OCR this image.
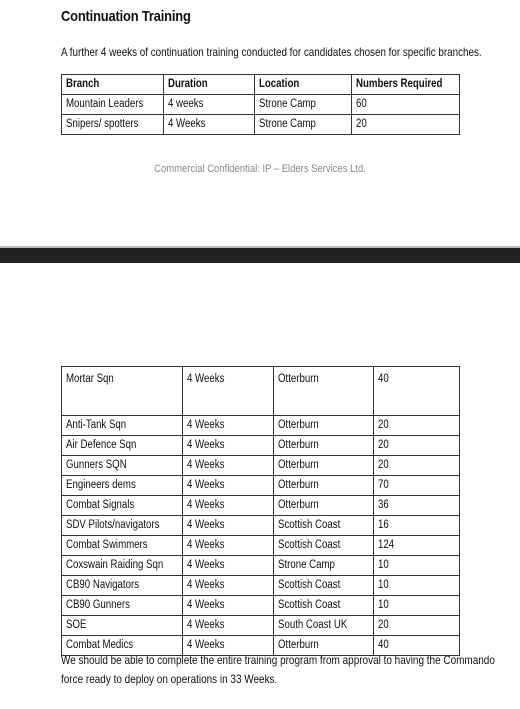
Continuation Training
A further 4 weeks of continuation training conducted for candidates chosen for specific branches.
Branch	Duration	Location	Numbers Required
Mountain Leaders	4 weeks	Strone Camp	60
Snipers/ spotters	4 Weeks	Strone Camp	20
Commercial Confidential: IP – Elders Services Ltd.
Mortar Sqn	4 Weeks	Otterburn	40
Anti-Tank Sqn	4 Weeks	Otterburn	20
Air Defence Sqn	4 Weeks	Otterburn	20
Gunners SQN	4 Weeks	Otterburn	20
Engineers dems	4 Weeks	Otterburn	70
Combat Signals	4 Weeks	Otterburn	36
SDV Pilots/navigators	4 Weeks	Scottish Coast	16
Combat Swimmers	4 Weeks	Scottish Coast	124
Coxswain Raiding Sqn	4 Weeks	Strone Camp	10
CB90 Navigators	4 Weeks	Scottish Coast	10
CB90 Gunners	4 Weeks	Scottish Coast	10
SOE	4 Weeks	South Coast UK	20
Combat Medics	4 Weeks	Otterburn	40
We should be able to complete the entire training program from approval to having the Commando
force ready to deploy on operations in 33 Weeks.
